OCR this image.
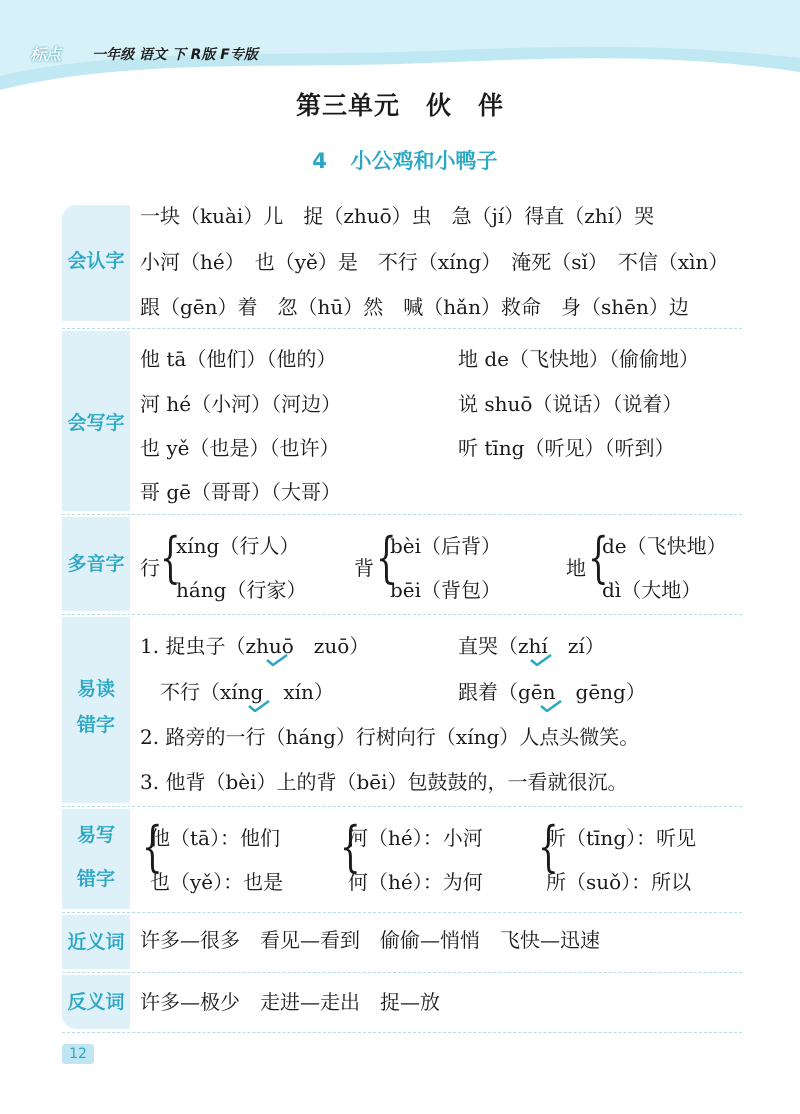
标点 一年级 语文 下 R版 F专版
第三单元　伙　伴
4 小公鸡和小鸭子
会认字
会写字
多音字
易读
错字
易写
错字
近义词
反义词
一块（kuài）儿　捉（zhuō）虫　急（jí）得直（zhí）哭
小河（hé）　也（yě）是　不行（xíng）　淹死（sǐ）　不信（xìn）
跟（gēn）着　忽（hū）然　喊（hǎn）救命　身（shēn）边
他 tā（他们）（他的）
河 hé（小河）（河边）
也 yě（也是）（也许）
哥 gē（哥哥）（大哥）
地 de（飞快地）（偷偷地）
说 shuō（说话）（说着）
听 tīng（听见）（听到）
行 {
xíng（行人）
háng（行家）
背 {
bèi（后背）
bēi（背包）
地 {
de（飞快地）
dì（大地）
1. 捉虫子（zhuō　zuō）	直哭（zhí　zí）
　不行（xíng　xín）	跟着（gēn　gēng）
2. 路旁的一行（háng）行树向行（xíng）人点头微笑。
3. 他背（bèi）上的背（bēi）包鼓鼓的，一看就很沉。
{
他（tā）：他们
也（yě）：也是
{
河（hé）：小河
何（hé）：为何
{
听（tīng）：听见
所（suǒ）：所以
许多—很多　看见—看到　偷偷—悄悄　飞快—迅速
许多—极少　走进—走出　捉—放
12
